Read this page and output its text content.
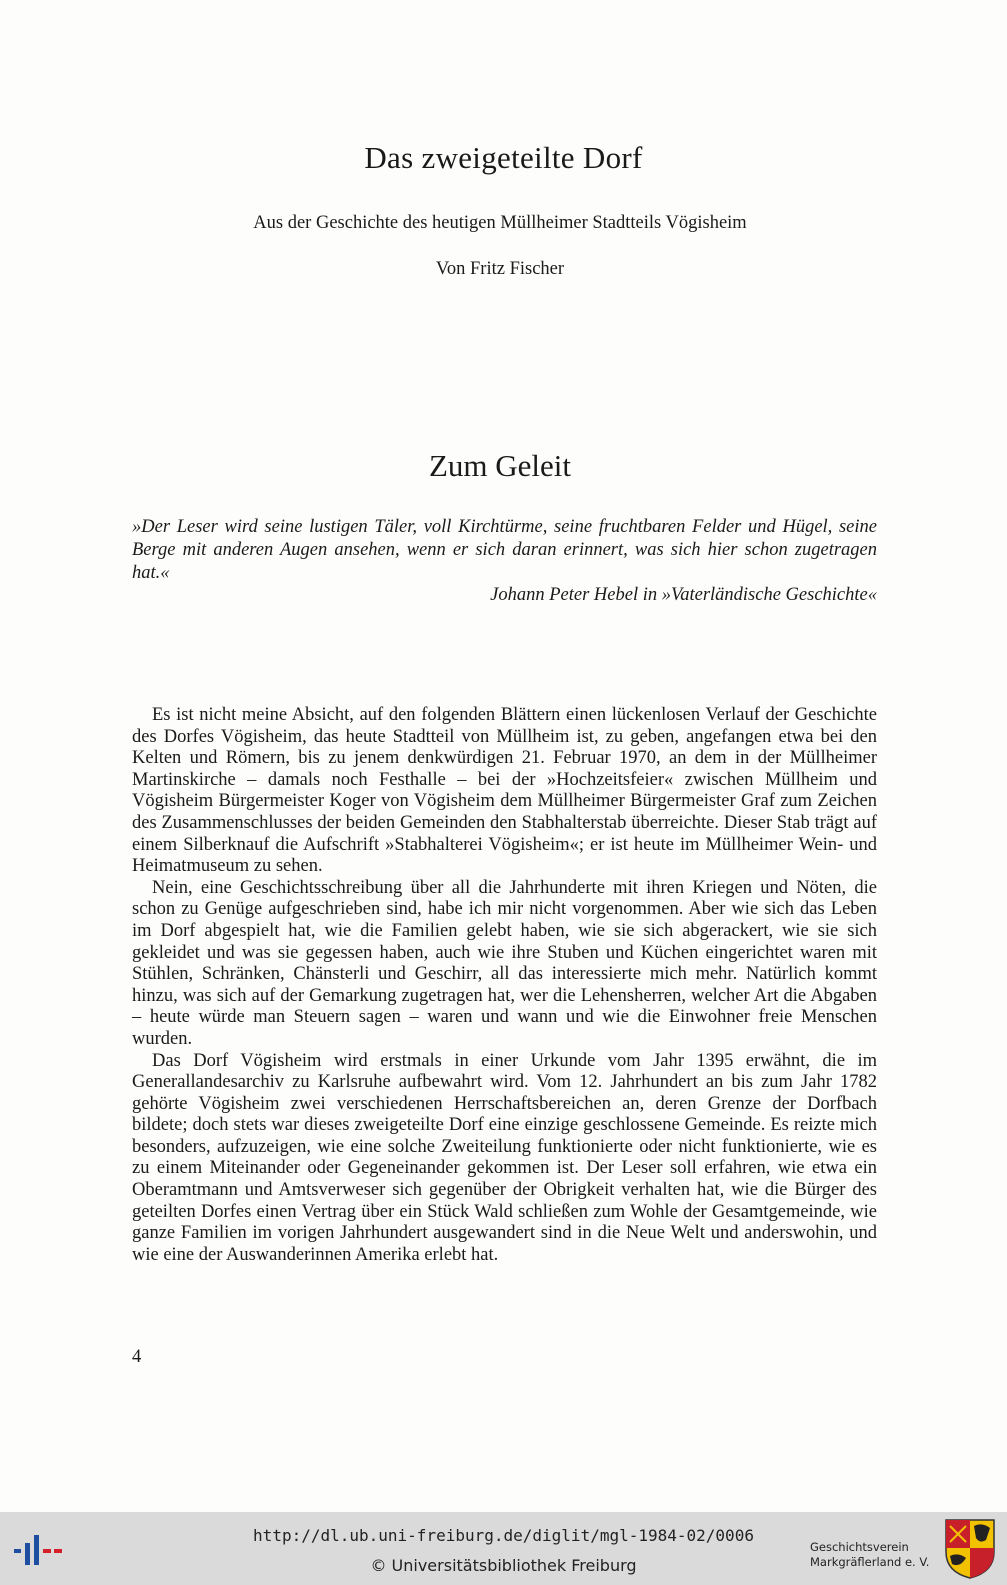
Das zweigeteilte Dorf

Aus der Geschichte des heutigen Müllheimer Stadtteils Vögisheim

Von Fritz Fischer

Zum Geleit

»Der Leser wird seine lustigen Täler, voll Kirchtürme, seine fruchtbaren Felder und Hügel, seine Berge mit anderen Augen ansehen, wenn er sich daran erinnert, was sich hier schon zugetragen hat.«

Johann Peter Hebel in »Vaterländische Geschichte«

Es ist nicht meine Absicht, auf den folgenden Blättern einen lückenlosen Verlauf der Geschichte des Dorfes Vögisheim, das heute Stadtteil von Müllheim ist, zu geben, angefangen etwa bei den Kelten und Römern, bis zu jenem denkwürdigen 21. Februar 1970, an dem in der Müllheimer Martinskirche – damals noch Festhalle – bei der »Hochzeitsfeier« zwischen Müllheim und Vögisheim Bürgermeister Koger von Vögisheim dem Müllheimer Bürgermeister Graf zum Zeichen des Zusammenschlusses der beiden Gemeinden den Stabhalterstab überreichte. Dieser Stab trägt auf einem Silberknauf die Aufschrift »Stabhalterei Vögisheim«; er ist heute im Müllheimer Wein- und Heimatmuseum zu sehen.

Nein, eine Geschichtsschreibung über all die Jahrhunderte mit ihren Kriegen und Nöten, die schon zu Genüge aufgeschrieben sind, habe ich mir nicht vorgenommen. Aber wie sich das Leben im Dorf abgespielt hat, wie die Familien gelebt haben, wie sie sich abgerackert, wie sie sich gekleidet und was sie gegessen haben, auch wie ihre Stuben und Küchen eingerichtet waren mit Stühlen, Schränken, Chänsterli und Geschirr, all das interessierte mich mehr. Natürlich kommt hinzu, was sich auf der Gemarkung zugetragen hat, wer die Lehensherren, welcher Art die Abgaben – heute würde man Steuern sagen – waren und wann und wie die Einwohner freie Menschen wurden.

Das Dorf Vögisheim wird erstmals in einer Urkunde vom Jahr 1395 erwähnt, die im Generallandesarchiv zu Karlsruhe aufbewahrt wird. Vom 12. Jahrhundert an bis zum Jahr 1782 gehörte Vögisheim zwei verschiedenen Herrschaftsbereichen an, deren Grenze der Dorfbach bildete; doch stets war dieses zweigeteilte Dorf eine einzige geschlossene Gemeinde. Es reizte mich besonders, aufzuzeigen, wie eine solche Zweiteilung funktionierte oder nicht funktionierte, wie es zu einem Miteinander oder Gegeneinander gekommen ist. Der Leser soll erfahren, wie etwa ein Oberamtmann und Amtsverweser sich gegenüber der Obrigkeit verhalten hat, wie die Bürger des geteilten Dorfes einen Vertrag über ein Stück Wald schließen zum Wohle der Gesamtgemeinde, wie ganze Familien im vorigen Jahrhundert ausgewandert sind in die Neue Welt und anderswohin, und wie eine der Auswanderinnen Amerika erlebt hat.

4

http://dl.ub.uni-freiburg.de/diglit/mgl-1984-02/0006
© Universitätsbibliothek Freiburg
Geschichtsverein
Markgräflerland e. V.
